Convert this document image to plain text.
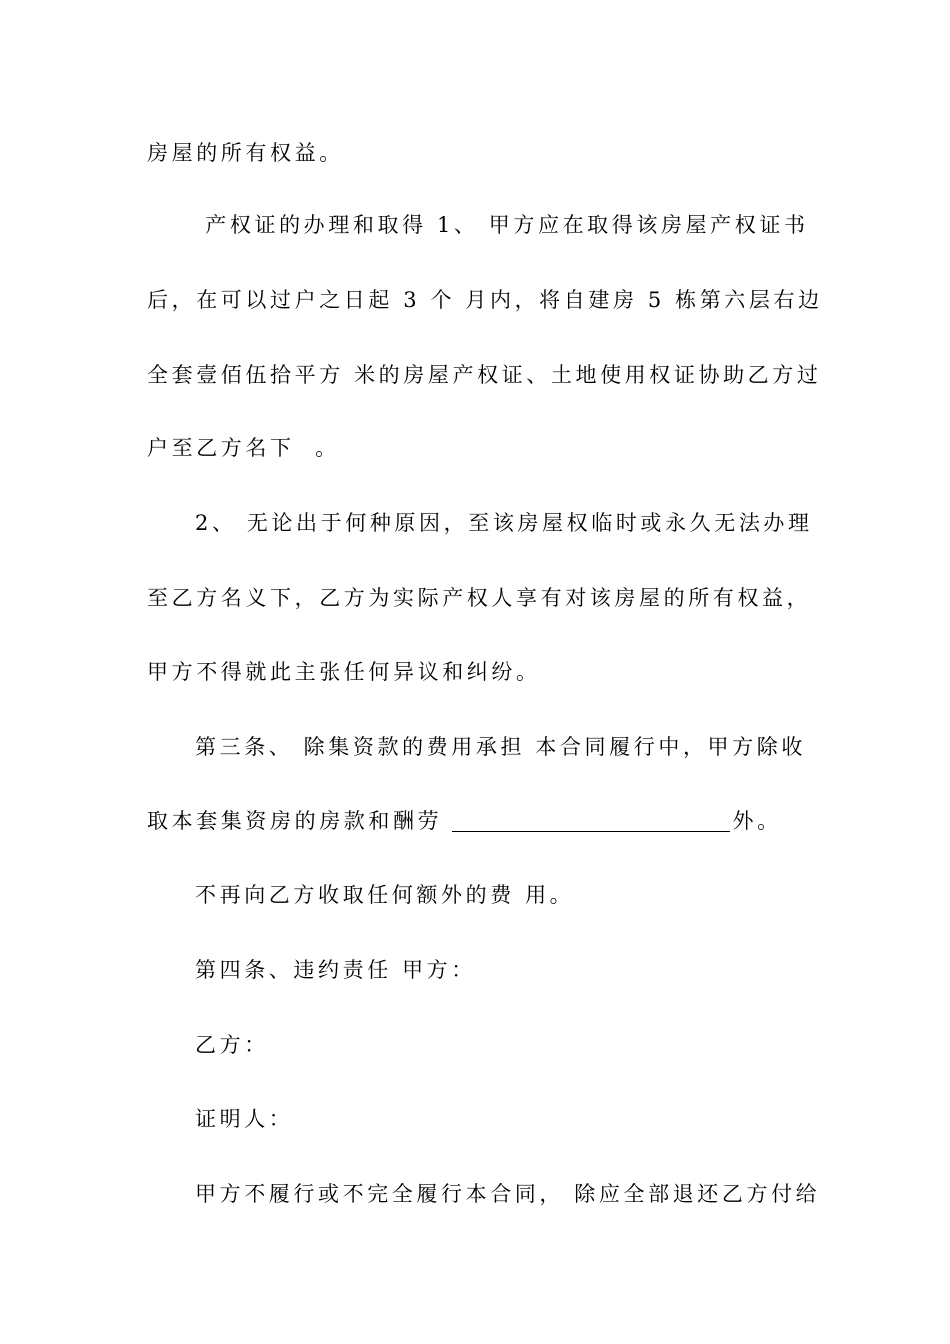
房屋的所有权益。
产权证的办理和取得 1、 甲方应在取得该房屋产权证书
后，在可以过户之日起 3 个 月内，将自建房 5 栋第六层右边
全套壹佰伍拾平方 米的房屋产权证、土地使用权证协助乙方过
户至乙方名下  。
2、 无论出于何种原因，至该房屋权临时或永久无法办理
至乙方名义下，乙方为实际产权人享有对该房屋的所有权益，
甲方不得就此主张任何异议和纠纷。
第三条、 除集资款的费用承担 本合同履行中，甲方除收
取本套集资房的房款和酬劳	外。
不再向乙方收取任何额外的费 用。
第四条、违约责任 甲方：
乙方：
证明人：
甲方不履行或不完全履行本合同， 除应全部退还乙方付给
